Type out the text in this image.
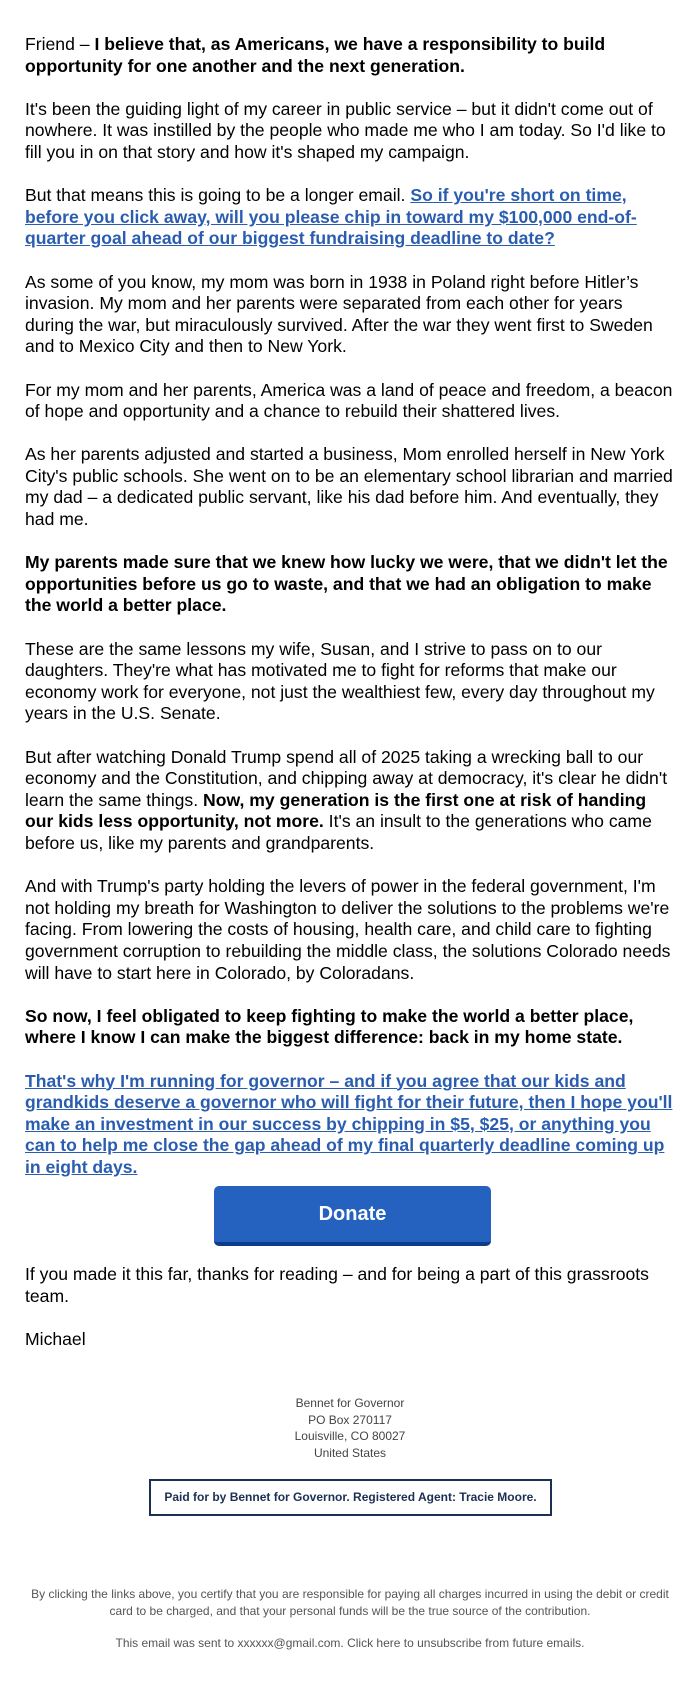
Friend – I believe that, as Americans, we have a responsibility to build opportunity for one another and the next generation.

It's been the guiding light of my career in public service – but it didn't come out of nowhere. It was instilled by the people who made me who I am today. So I'd like to fill you in on that story and how it's shaped my campaign.

But that means this is going to be a longer email. So if you're short on time, before you click away, will you please chip in toward my $100,000 end-of-quarter goal ahead of our biggest fundraising deadline to date?

As some of you know, my mom was born in 1938 in Poland right before Hitler’s invasion. My mom and her parents were separated from each other for years during the war, but miraculously survived. After the war they went first to Sweden and to Mexico City and then to New York.

For my mom and her parents, America was a land of peace and freedom, a beacon of hope and opportunity and a chance to rebuild their shattered lives.

As her parents adjusted and started a business, Mom enrolled herself in New York City's public schools. She went on to be an elementary school librarian and married my dad – a dedicated public servant, like his dad before him. And eventually, they had me.

My parents made sure that we knew how lucky we were, that we didn't let the opportunities before us go to waste, and that we had an obligation to make the world a better place.

These are the same lessons my wife, Susan, and I strive to pass on to our daughters. They're what has motivated me to fight for reforms that make our economy work for everyone, not just the wealthiest few, every day throughout my years in the U.S. Senate.

But after watching Donald Trump spend all of 2025 taking a wrecking ball to our economy and the Constitution, and chipping away at democracy, it's clear he didn't learn the same things. Now, my generation is the first one at risk of handing our kids less opportunity, not more. It's an insult to the generations who came before us, like my parents and grandparents.

And with Trump's party holding the levers of power in the federal government, I'm not holding my breath for Washington to deliver the solutions to the problems we're facing. From lowering the costs of housing, health care, and child care to fighting government corruption to rebuilding the middle class, the solutions Colorado needs will have to start here in Colorado, by Coloradans.

So now, I feel obligated to keep fighting to make the world a better place, where I know I can make the biggest difference: back in my home state.

That's why I'm running for governor – and if you agree that our kids and grandkids deserve a governor who will fight for their future, then I hope you'll make an investment in our success by chipping in $5, $25, or anything you can to help me close the gap ahead of my final quarterly deadline coming up in eight days.

Donate

If you made it this far, thanks for reading – and for being a part of this grassroots team.

Michael

Bennet for Governor
PO Box 270117
Louisville, CO 80027
United States
Paid for by Bennet for Governor. Registered Agent: Tracie Moore.
By clicking the links above, you certify that you are responsible for paying all charges incurred in using the debit or credit card to be charged, and that your personal funds will be the true source of the contribution.
This email was sent to xxxxxx@gmail.com. Click here to unsubscribe from future emails.
